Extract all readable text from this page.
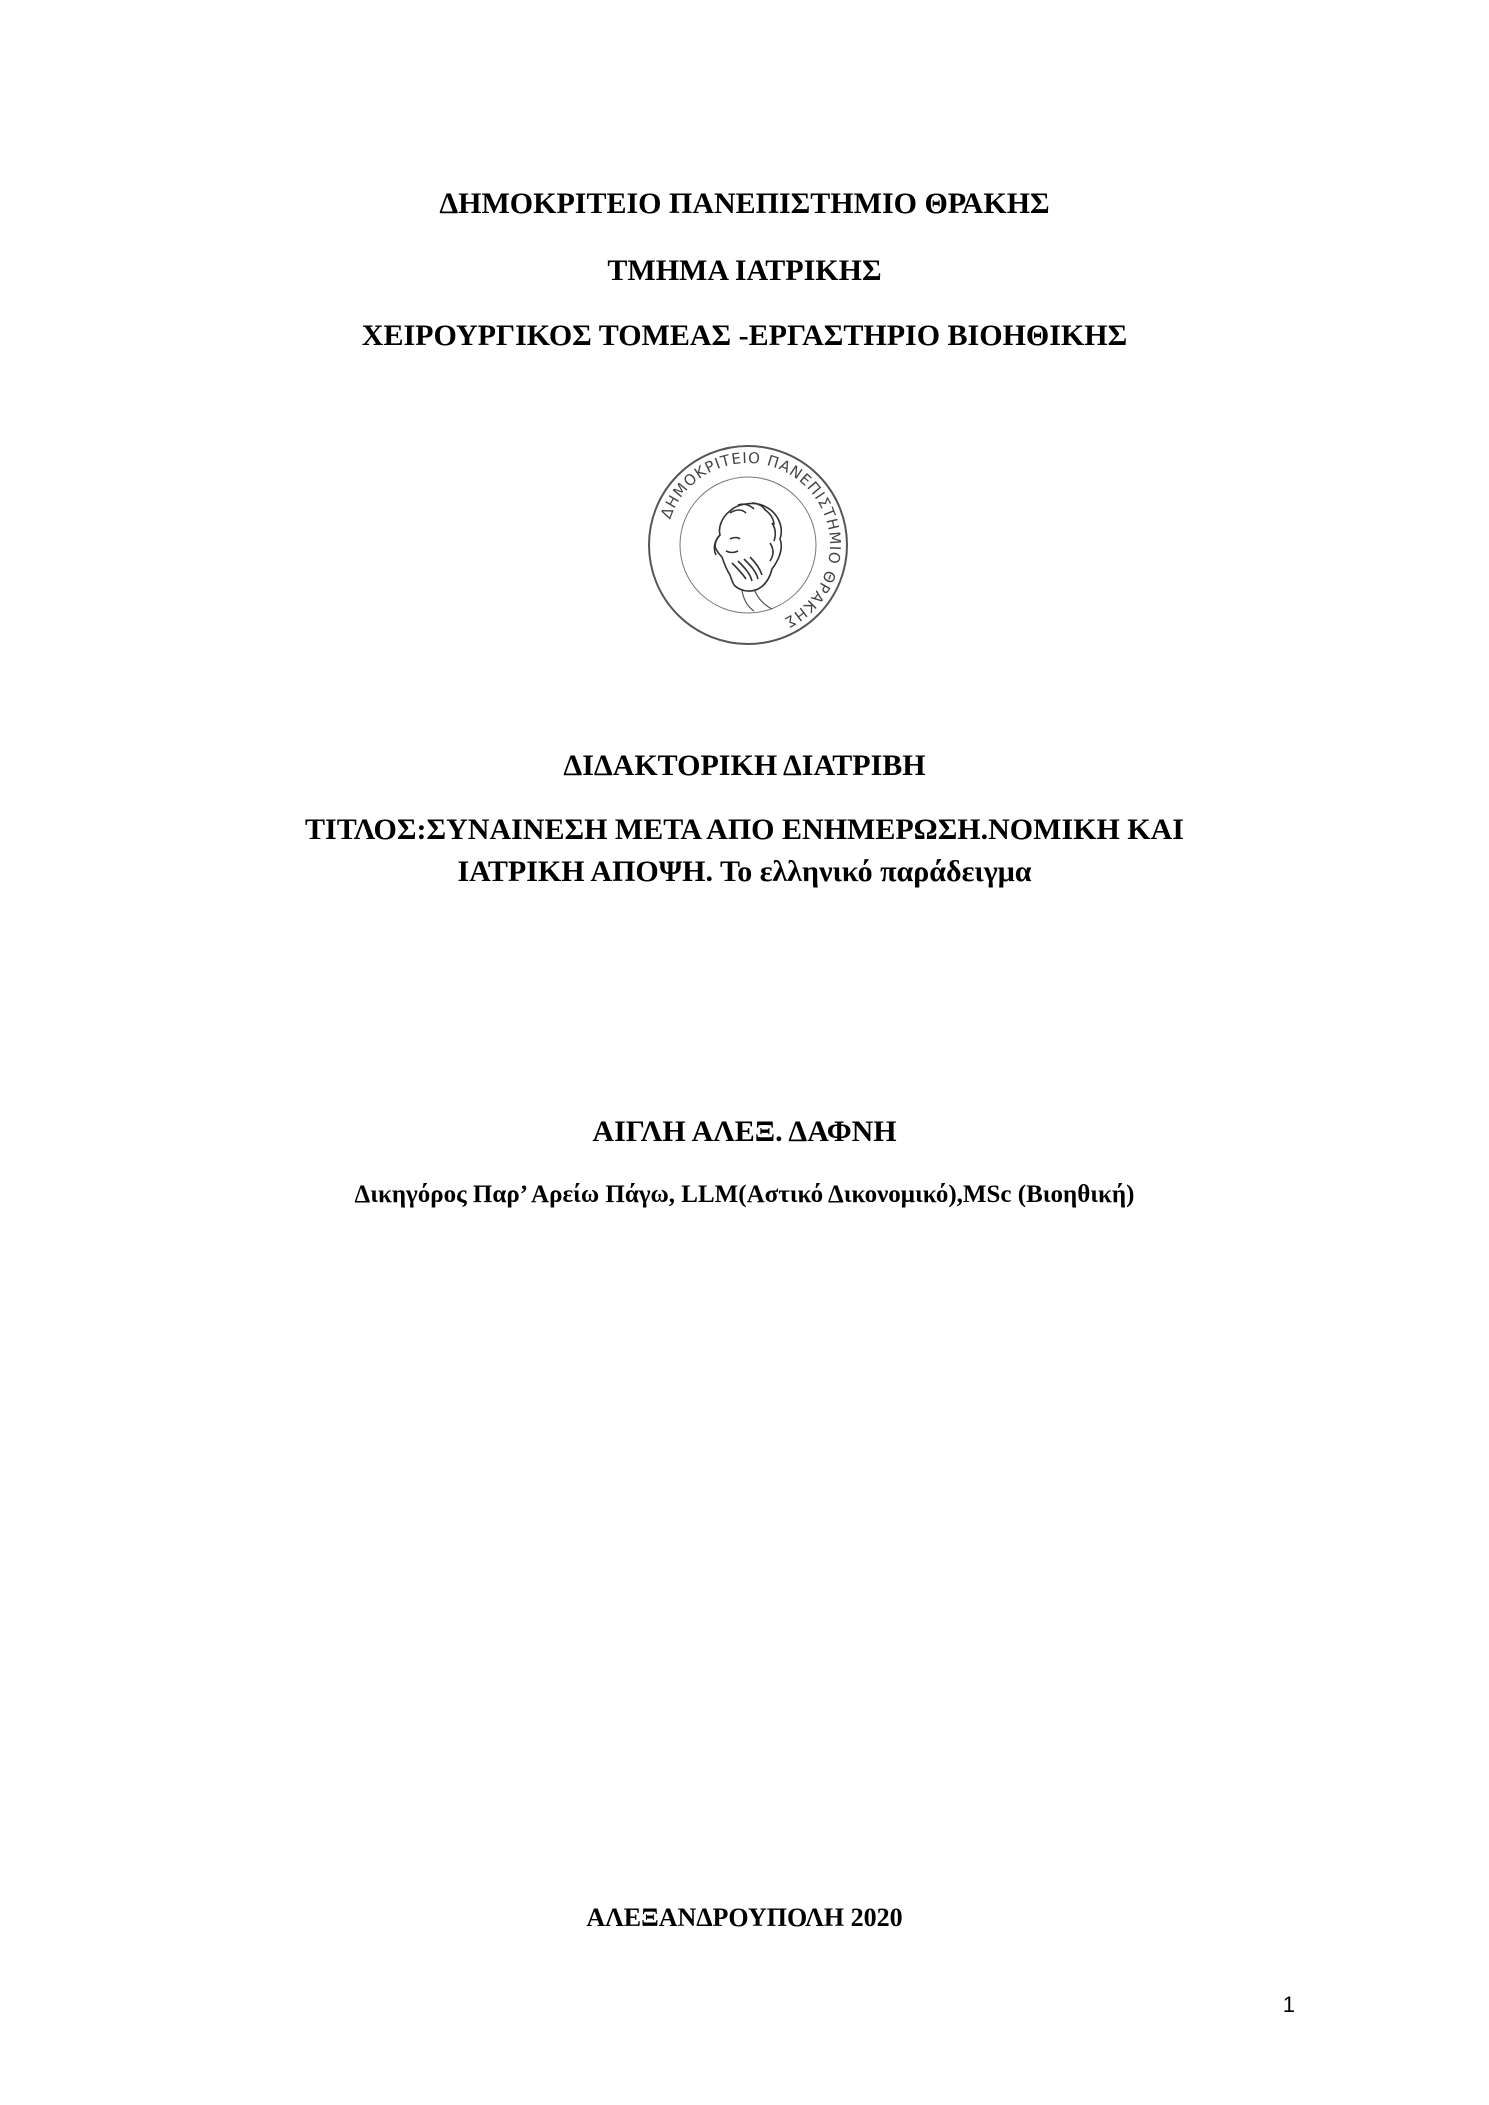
ΔΗΜΟΚΡΙΤΕΙΟ ΠΑΝΕΠΙΣΤΗΜΙΟ ΘΡΑΚΗΣ
ΤΜΗΜΑ ΙΑΤΡΙΚΗΣ
ΧΕΙΡΟΥΡΓΙΚΟΣ ΤΟΜΕΑΣ -ΕΡΓΑΣΤΗΡΙΟ ΒΙΟΗΘΙΚΗΣ
ΔΗΜΟΚΡΙΤΕΙΟ ΠΑΝΕΠΙΣΤΗΜΙΟ ΘΡΑΚΗΣ
ΔΙΔΑΚΤΟΡΙΚΗ ΔΙΑΤΡΙΒΗ
ΤΙΤΛΟΣ:ΣΥΝΑΙΝΕΣΗ ΜΕΤΑ ΑΠΟ ΕΝΗΜΕΡΩΣΗ.ΝΟΜΙΚΗ ΚΑΙ
ΙΑΤΡΙΚΗ ΑΠΟΨΗ. Το ελληνικό παράδειγμα
ΑΙΓΛΗ ΑΛΕΞ. ΔΑΦΝΗ
Δικηγόρος Παρ’ Αρείω Πάγω, LLM(Αστικό Δικονομικό),MSc (Βιοηθική)
ΑΛΕΞΑΝΔΡΟΥΠΟΛΗ 2020
1
